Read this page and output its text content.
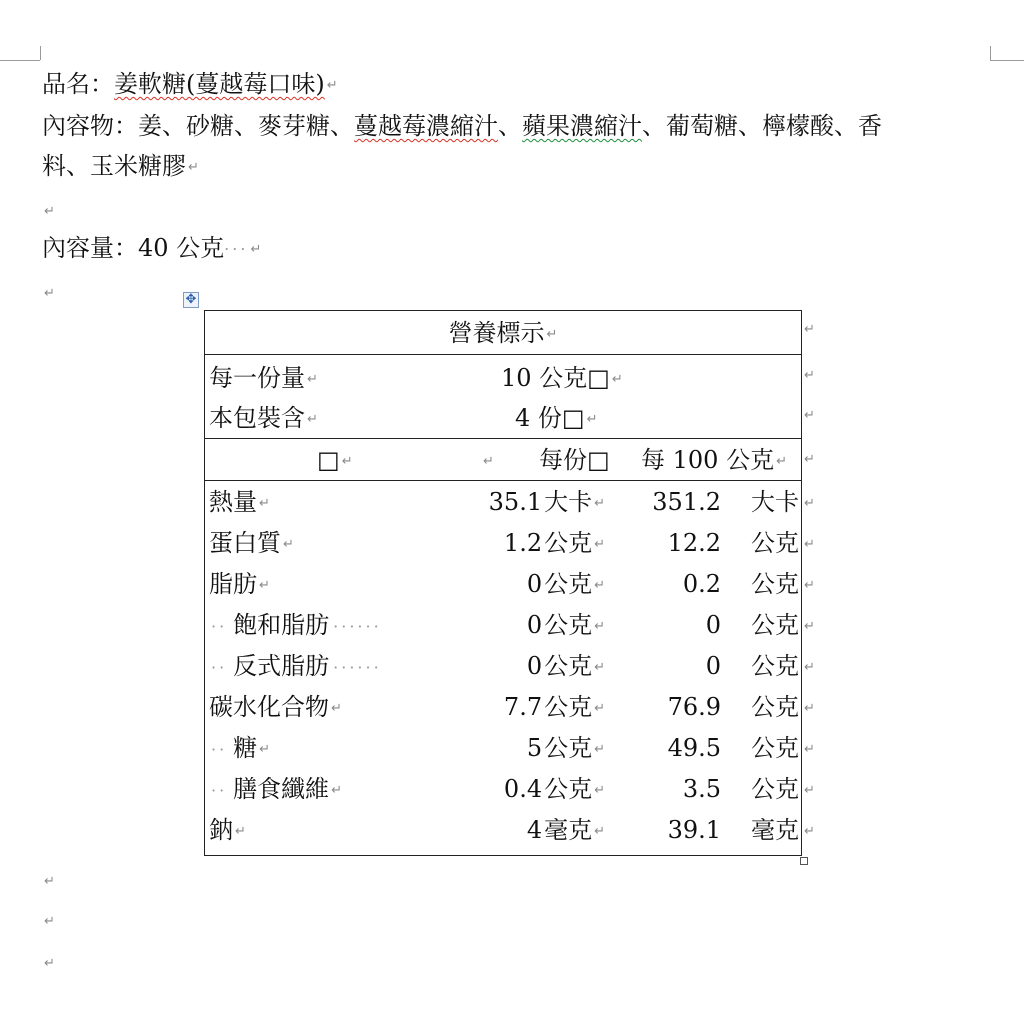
品名：姜軟糖(蔓越莓口味) ↵
內容物：姜、砂糖、麥芽糖、蔓越莓濃縮汁、蘋果濃縮汁、葡萄糖、檸檬酸、香
料、玉米糖膠 ↵
↵
內容量：40 公克··· ↵
↵	✥
營養標示 ↵
每一份量 ↵	10 公克□ ↵
本包裝含 ↵	4 份□ ↵
□ ↵	↵ 每份□ 每 100 公克 ↵
熱量 ↵	35.1大卡 ↵ 351.2 大卡
蛋白質 ↵	1.2公克 ↵	12.2 公克
脂肪 ↵	0公克 ↵	0.2 公克
·· 飽和脂肪 ······	0公克 ↵	0 公克
·· 反式脂肪 ······	0公克 ↵	0 公克
碳水化合物 ↵	7.7公克 ↵	76.9 公克
·· 糖 ↵	5公克 ↵	49.5 公克
·· 膳食纖維 ↵	0.4公克 ↵	3.5 公克
鈉 ↵	4毫克 ↵	39.1 毫克
↵
↵
↵
↵
↵
↵
↵
↵
↵
↵
↵
↵
↵
↵
↵
↵
